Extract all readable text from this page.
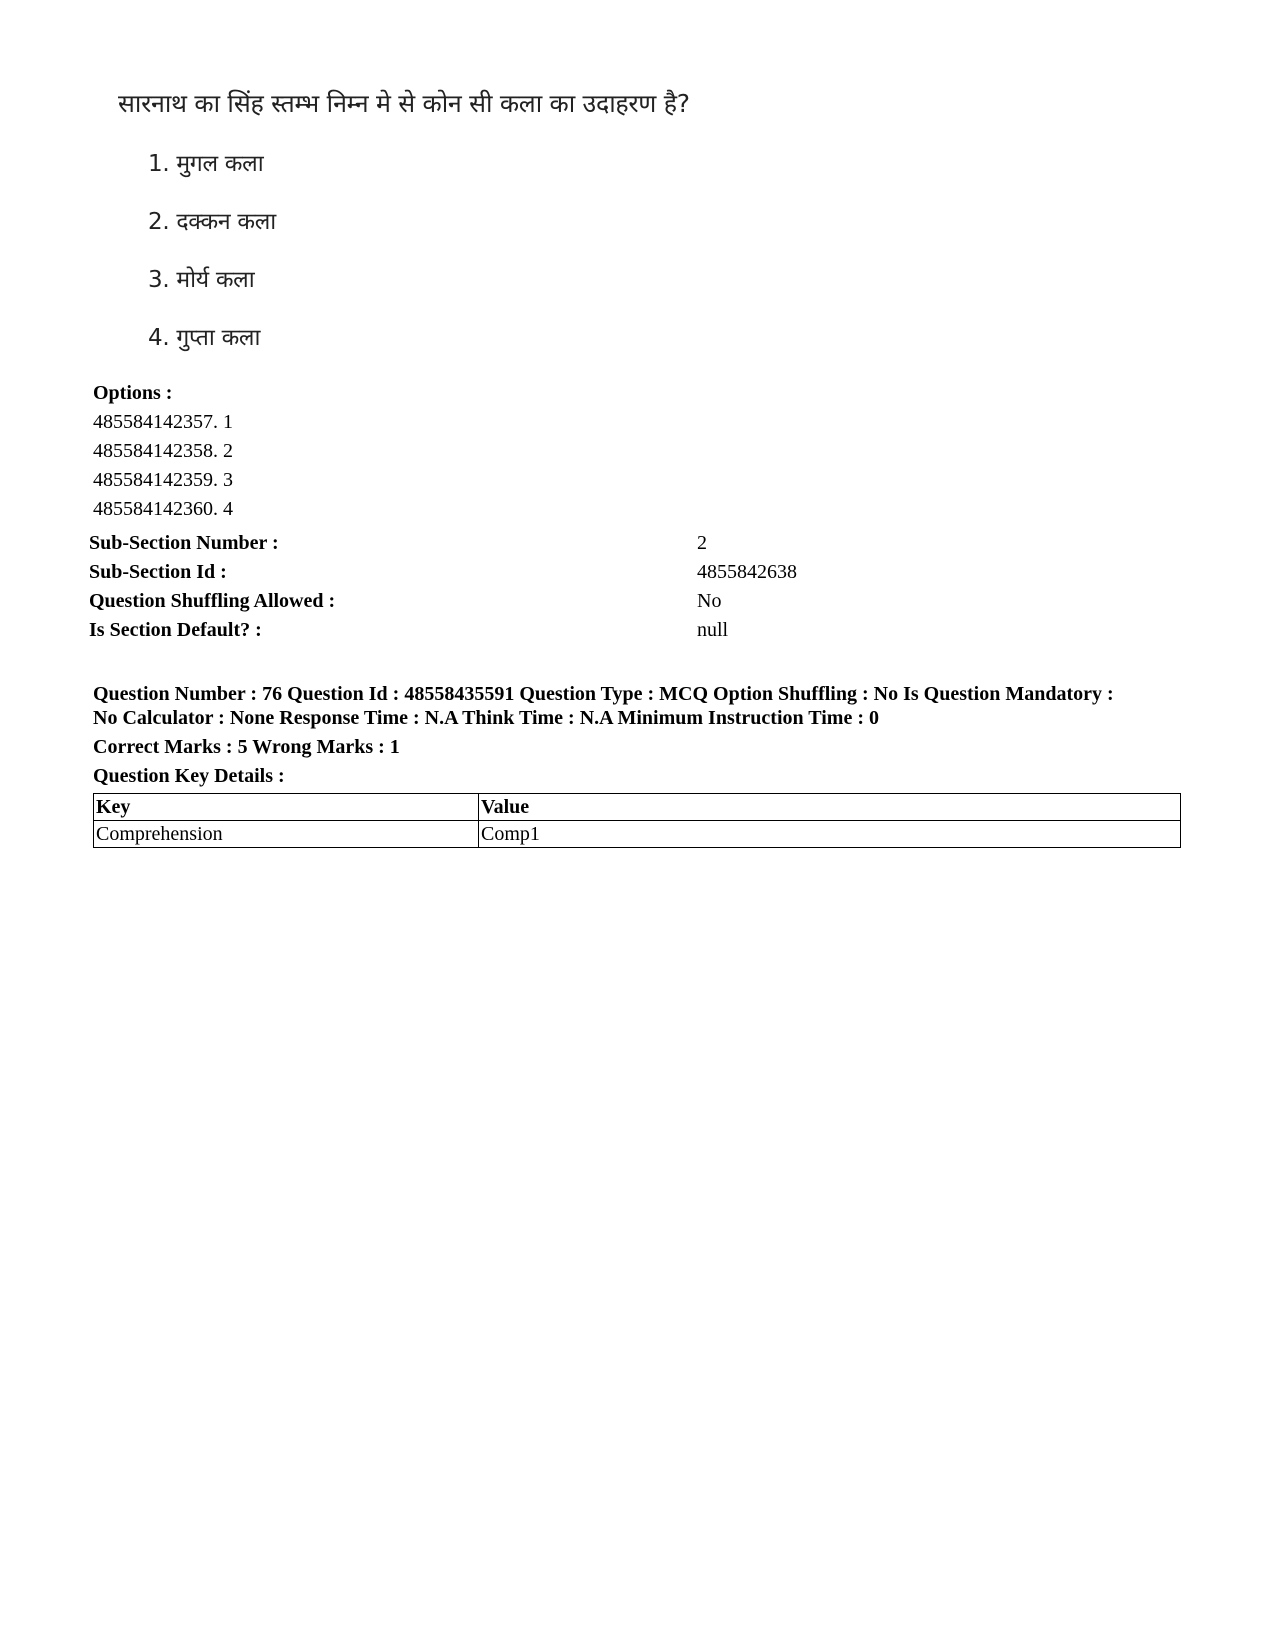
सारनाथ का सिंह स्तम्भ निम्न मे से कोन सी कला का उदाहरण है?
1. मुगल कला
2. दक्कन कला
3. मोर्य कला
4. गुप्ता कला
Options :
485584142357. 1
485584142358. 2
485584142359. 3
485584142360. 4
Sub-Section Number :	2
Sub-Section Id :	4855842638
Question Shuffling Allowed :	No
Is Section Default? :	null
Question Number : 76 Question Id : 48558435591 Question Type : MCQ Option Shuffling : No Is Question Mandatory :
No Calculator : None Response Time : N.A Think Time : N.A Minimum Instruction Time : 0
Correct Marks : 5 Wrong Marks : 1
Question Key Details :
Key	Value
Comprehension	Comp1
